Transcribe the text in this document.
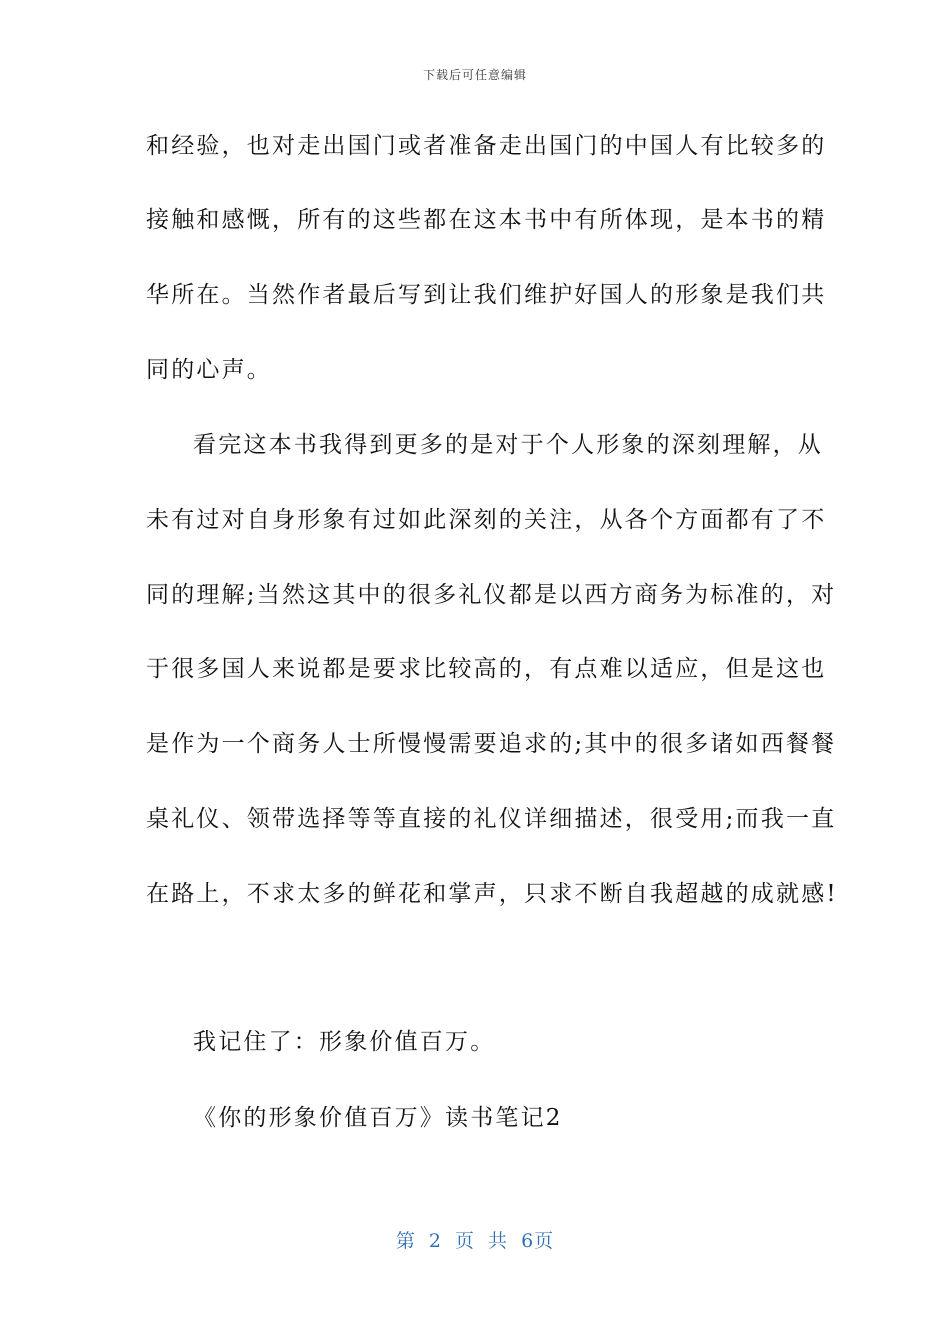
下载后可任意编辑
和经验，也对走出国门或者准备走出国门的中国人有比较多的
接触和感慨，所有的这些都在这本书中有所体现，是本书的精
华所在。当然作者最后写到让我们维护好国人的形象是我们共
同的心声。
看完这本书我得到更多的是对于个人形象的深刻理解，从
未有过对自身形象有过如此深刻的关注，从各个方面都有了不
同的理解;当然这其中的很多礼仪都是以西方商务为标准的，对
于很多国人来说都是要求比较高的，有点难以适应，但是这也
是作为一个商务人士所慢慢需要追求的;其中的很多诸如西餐餐
桌礼仪、领带选择等等直接的礼仪详细描述，很受用;而我一直
在路上，不求太多的鲜花和掌声，只求不断自我超越的成就感!
我记住了：形象价值百万。
《你的形象价值百万》读书笔记2
第 2 页 共 6页
